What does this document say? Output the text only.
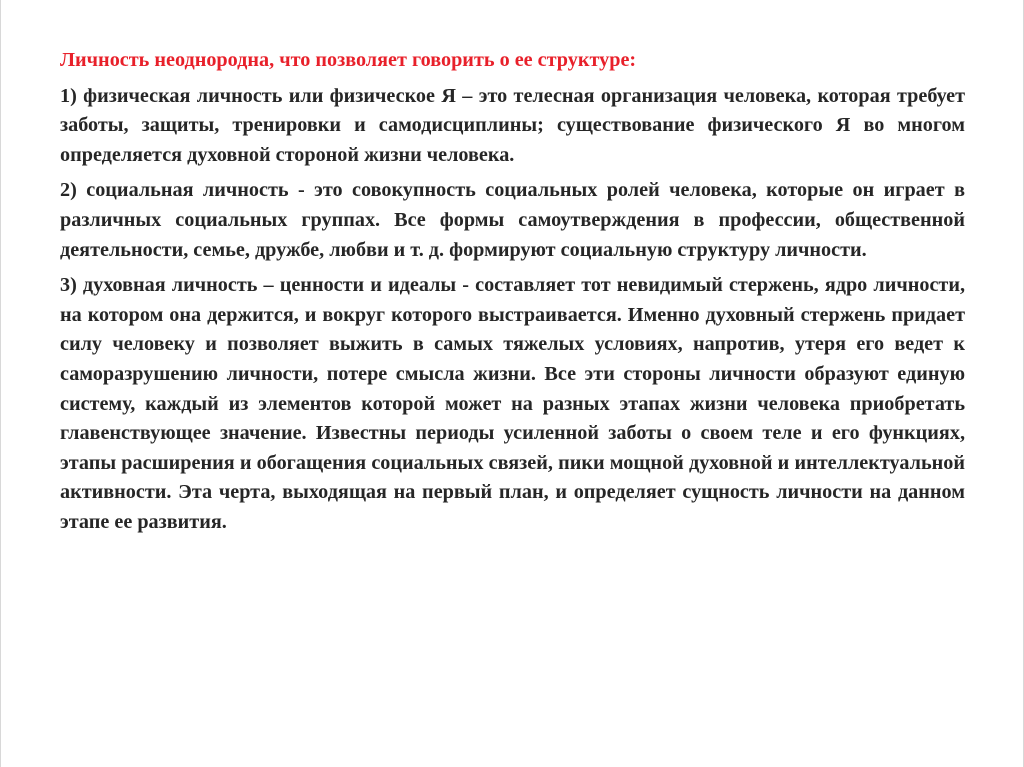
Личность неоднородна, что позволяет говорить о ее структуре:

1) физическая личность или физическое Я – это телесная организация человека, которая требует заботы, защиты, тренировки и самодисциплины; существование физического Я во многом определяется духовной стороной жизни человека.

2) социальная личность - это совокупность социальных ролей человека, которые он играет в различных социальных группах. Все формы самоутверждения в профессии, общественной деятельности, семье, дружбе, любви и т. д. формируют социальную структуру личности.

3) духовная личность – ценности и идеалы - составляет тот невидимый стержень, ядро личности, на котором она держится, и вокруг которого выстраивается. Именно духовный стержень придает силу человеку и позволяет выжить в самых тяжелых условиях, напротив, утеря его ведет к саморазрушению личности, потере смысла жизни. Все эти стороны личности образуют единую систему, каждый из элементов которой может на разных этапах жизни человека приобретать главенствующее значение. Известны периоды усиленной заботы о своем теле и его функциях, этапы расширения и обогащения социальных связей, пики мощной духовной и интеллектуальной активности. Эта черта, выходящая на первый план, и определяет сущность личности на данном этапе ее развития.
